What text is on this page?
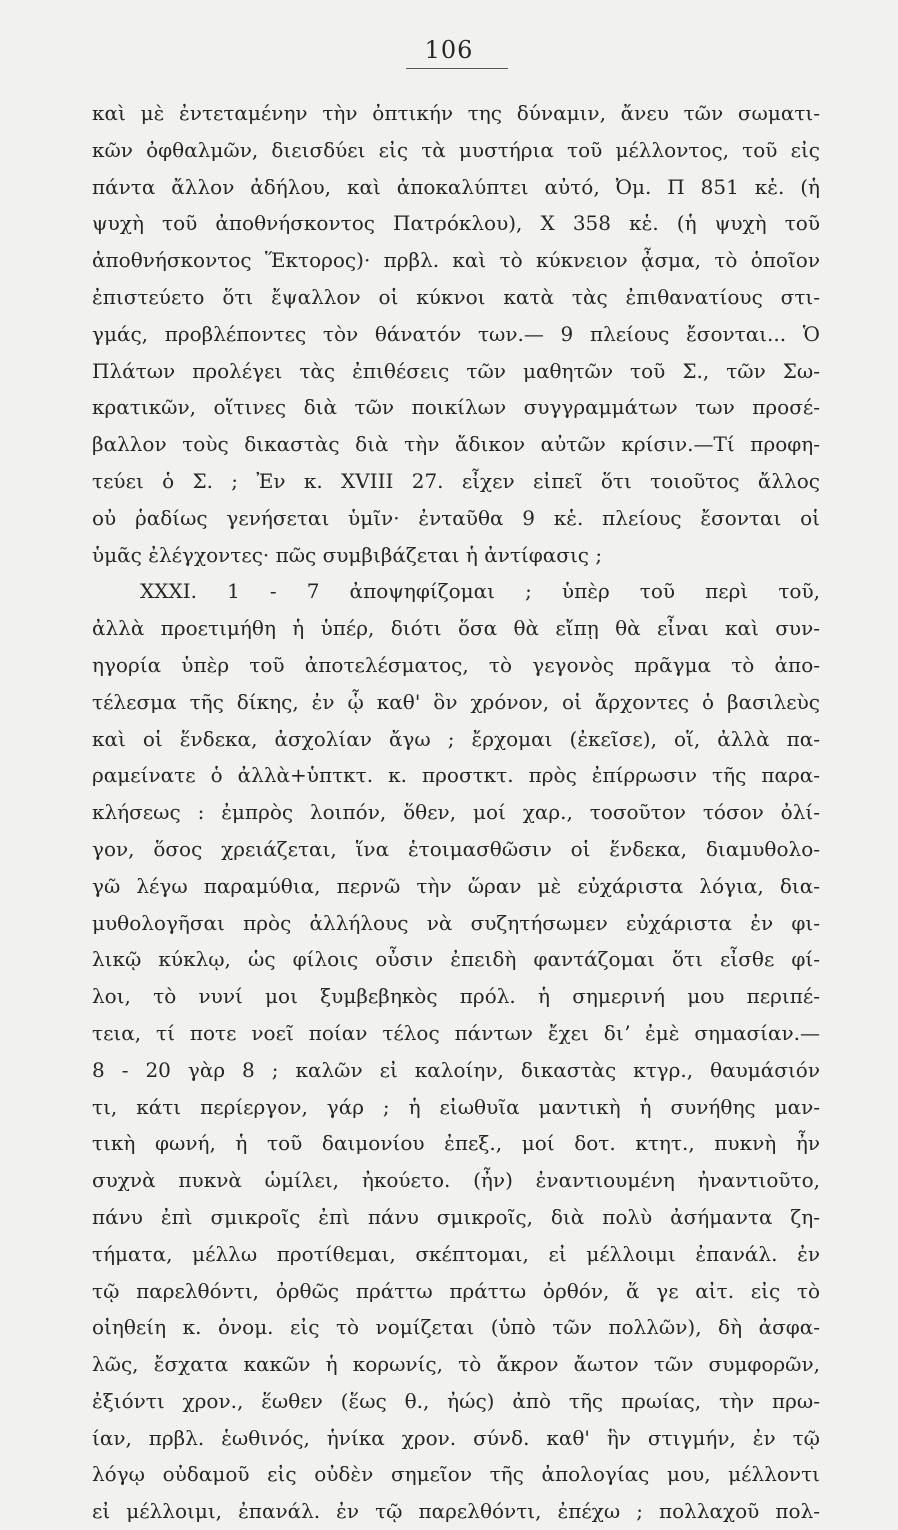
106
καὶ μὲ ἐντεταμένην τὴν ὀπτικήν της δύναμιν, ἄνευ τῶν σωματι-
κῶν ὀφθαλμῶν, διεισδύει εἰς τὰ μυστήρια τοῦ μέλλοντος, τοῦ εἰς
πάντα ἄλλον ἀδήλου, καὶ ἀποκαλύπτει αὐτό, Ὀμ. Π 851 κἑ. (ἡ
ψυχὴ τοῦ ἀποθνήσκοντος Πατρόκλου), Χ 358 κἑ. (ἡ ψυχὴ τοῦ
ἀποθνήσκοντος Ἕκτορος)· πρβλ. καὶ τὸ κύκνειον ᾆσμα, τὸ ὁποῖον
ἐπιστεύετο ὅτι ἔψαλλον οἱ κύκνοι κατὰ τὰς ἐπιθανατίους στι-
γμάς, προβλέποντες τὸν θάνατόν των.— 9 πλείους ἔσονται... Ὁ
Πλάτων προλέγει τὰς ἐπιθέσεις τῶν μαθητῶν τοῦ Σ., τῶν Σω-
κρατικῶν, οἵτινες διὰ τῶν ποικίλων συγγραμμάτων των προσέ-
βαλλον τοὺς δικαστὰς διὰ τὴν ἄδικον αὐτῶν κρίσιν.—Τί προφη-
τεύει ὁ Σ. ; Ἐν κ. XVIII 27. εἶχεν εἰπεῖ ὅτι τοιοῦτος ἄλλος
οὐ ῥαδίως γενήσεται ὑμῖν· ἐνταῦθα 9 κἑ. πλείους ἔσονται οἱ
ὑμᾶς ἐλέγχοντες· πῶς συμβιβάζεται ἡ ἀντίφασις ;
XXXI. 1 - 7 ἀποψηφίζομαι ; ὑπὲρ τοῦ περὶ τοῦ,
ἀλλὰ προετιμήθη ἡ ὑπέρ, διότι ὅσα θὰ εἴπῃ θὰ εἶναι καὶ συν-
ηγορία ὑπὲρ τοῦ ἀποτελέσματος, τὸ γεγονὸς πρᾶγμα τὸ ἀπο-
τέλεσμα τῆς δίκης, ἐν ᾧ καθ' ὃν χρόνον, οἱ ἄρχοντες ὁ βασιλεὺς
καὶ οἱ ἕνδεκα, ἀσχολίαν ἄγω ; ἔρχομαι (ἐκεῖσε), οἵ, ἀλλὰ πα-
ραμείνατε ὁ ἀλλὰ+ὑπτκτ. κ. προστκτ. πρὸς ἐπίρρωσιν τῆς παρα-
κλήσεως : ἐμπρὸς λοιπόν, ὅθεν, μοί χαρ., τοσοῦτον τόσον ὀλί-
γον, ὅσος χρειάζεται, ἵνα ἑτοιμασθῶσιν οἱ ἕνδεκα, διαμυθολο-
γῶ λέγω παραμύθια, περνῶ τὴν ὥραν μὲ εὐχάριστα λόγια, δια-
μυθολογῆσαι πρὸς ἀλλήλους νὰ συζητήσωμεν εὐχάριστα ἐν φι-
λικῷ κύκλῳ, ὡς φίλοις οὖσιν ἐπειδὴ φαντάζομαι ὅτι εἶσθε φί-
λοι, τὸ νυνί μοι ξυμβεβηκὸς πρόλ. ἡ σημερινή μου περιπέ-
τεια, τί ποτε νοεῖ ποίαν τέλος πάντων ἔχει διʼ ἐμὲ σημασίαν.—
8 - 20 γὰρ 8 ; καλῶν εἰ καλοίην, δικαστὰς κτγρ., θαυμάσιόν
τι, κάτι περίεργον, γάρ ; ἡ εἰωθυῖα μαντικὴ ἡ συνήθης μαν-
τικὴ φωνή, ἡ τοῦ δαιμονίου ἐπεξ., μοί δοτ. κτητ., πυκνὴ ἦν
συχνὰ πυκνὰ ὡμίλει, ἠκούετο. (ἦν) ἐναντιουμένη ἠναντιοῦτο,
πάνυ ἐπὶ σμικροῖς ἐπὶ πάνυ σμικροῖς, διὰ πολὺ ἀσήμαντα ζη-
τήματα, μέλλω προτίθεμαι, σκέπτομαι, εἰ μέλλοιμι ἐπανάλ. ἐν
τῷ παρελθόντι, ὀρθῶς πράττω πράττω ὀρθόν, ἅ γε αἰτ. εἰς τὸ
οἰηθείη κ. ὀνομ. εἰς τὸ νομίζεται (ὑπὸ τῶν πολλῶν), δὴ ἀσφα-
λῶς, ἔσχατα κακῶν ἡ κορωνίς, τὸ ἄκρον ἄωτον τῶν συμφορῶν,
ἐξιόντι χρον., ἕωθεν (ἕως θ., ἠώς) ἀπὸ τῆς πρωίας, τὴν πρω-
ίαν, πρβλ. ἑωθινός, ἡνίκα χρον. σύνδ. καθ' ἣν στιγμήν, ἐν τῷ
λόγῳ οὐδαμοῦ εἰς οὐδὲν σημεῖον τῆς ἀπολογίας μου, μέλλοντι
εἰ μέλλοιμι, ἐπανάλ. ἐν τῷ παρελθόντι, ἐπέχω ; πολλαχοῦ πολ-
